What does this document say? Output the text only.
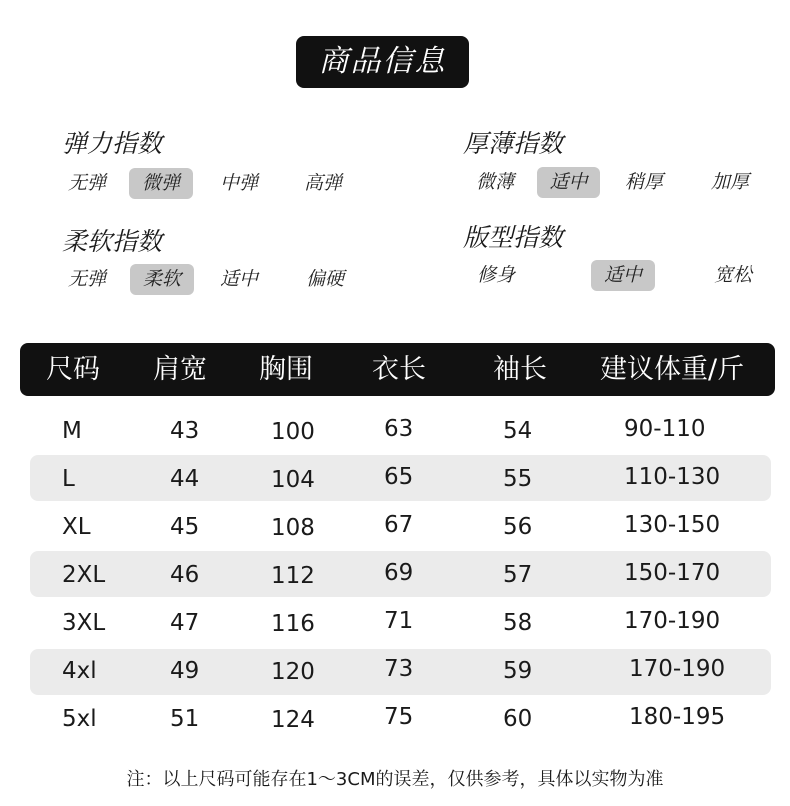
商品信息
弹力指数
无弹	微弹	中弹	高弹
厚薄指数
微薄	适中	稍厚	加厚
柔软指数
无弹	柔软	适中	偏硬
版型指数
修身	适中	宽松
尺码 肩宽 胸围 衣长 袖长 建议体重/斤
M	43	100	63	54	90-110
L	44	104	65	55	110-130
XL	45	108	67	56	130-150
2XL	46	112	69	57	150-170
3XL	47	116	71	58	170-190
4xl	49	120	73	59	170-190
5xl	51	124	75	60	180-195
注：以上尺码可能存在1～3CM的误差，仅供参考，具体以实物为准
